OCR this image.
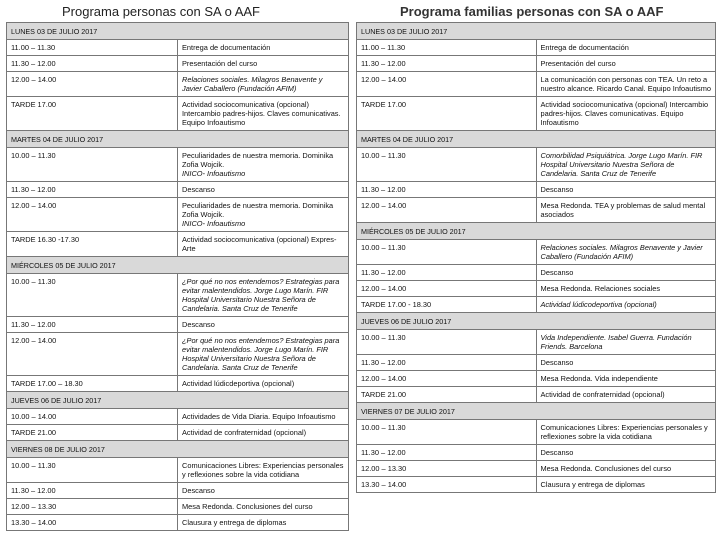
Programa personas con SA o AAF	Programa familias personas con SA o AAF
LUNES 03 DE JULIO 2017	
11.00 – 11.30	Entrega de documentación
11.30 – 12.00	Presentación del curso
12.00 – 14.00	Relaciones sociales. Milagros Benavente y Javier Caballero (Fundación AFIM)
TARDE 17.00	Actividad sociocomunicativa (opcional) Intercambio padres-hijos. Claves comunicativas. Equipo Infoautismo
MARTES 04 DE JULIO 2017	
10.00 – 11.30	Peculiaridades de nuestra memoria. Dominika Zofia Wojcik.
INICO- Infoautismo
11.30 – 12.00	Descanso
12.00 – 14.00	Peculiaridades de nuestra memoria. Dominika Zofia Wojcik.
INICO- Infoautismo
TARDE 16.30 -17.30	Actividad sociocomunicativa (opcional) Expres-Arte
MIÉRCOLES 05 DE JULIO 2017	
10.00 – 11.30	¿Por qué no nos entendemos? Estrategias para evitar malentendidos. Jorge Lugo Marín. FIR Hospital Universitario Nuestra Señora de Candelaria. Santa Cruz de Tenerife
11.30 – 12.00	Descanso
12.00 – 14.00	¿Por qué no nos entendemos? Estrategias para evitar malentendidos. Jorge Lugo Marín. FIR Hospital Universitario Nuestra Señora de Candelaria. Santa Cruz de Tenerife
TARDE 17.00 – 18.30	Actividad lúdicdeportiva (opcional)
JUEVES 06 DE JULIO 2017	
10.00 – 14.00	Actividades de Vida Diaria. Equipo Infoautismo
TARDE 21.00	Actividad de confraternidad (opcional)
VIERNES 08 DE JULIO 2017	
10.00 – 11.30	Comunicaciones Libres: Experiencias personales y reflexiones sobre la vida cotidiana
11.30 – 12.00	Descanso
12.00 – 13.30	Mesa Redonda. Conclusiones del curso
13.30 – 14.00	Clausura y entrega de diplomas
LUNES 03 DE JULIO 2017	
11.00 – 11.30	Entrega de documentación
11.30 – 12.00	Presentación del curso
12.00 – 14.00	La comunicación con personas con TEA. Un reto a nuestro alcance. Ricardo Canal. Equipo Infoautismo
TARDE 17.00	Actividad sociocomunicativa (opcional) Intercambio padres-hijos. Claves comunicativas. Equipo Infoautismo
MARTES 04 DE JULIO 2017	
10.00 – 11.30	Comorbilidad Psiquiátrica. Jorge Lugo Marín. FIR Hospital Universitario Nuestra Señora de Candelaria. Santa Cruz de Tenerife
11.30 – 12.00	Descanso
12.00 – 14.00	Mesa Redonda. TEA y problemas de salud mental asociados
MIÉRCOLES 05 DE JULIO 2017	
10.00 – 11.30	Relaciones sociales. Milagros Benavente y Javier Caballero (Fundación AFIM)
11.30 – 12.00	Descanso
12.00 – 14.00	Mesa Redonda. Relaciones sociales
TARDE 17.00 - 18.30	Actividad lúdicodeportiva (opcional)
JUEVES 06 DE JULIO 2017	
10.00 – 11.30	Vida Independiente. Isabel Guerra. Fundación Friends. Barcelona
11.30 – 12.00	Descanso
12.00 – 14.00	Mesa Redonda. Vida independiente
TARDE 21.00	Actividad de confraternidad (opcional)
VIERNES 07 DE JULIO 2017	
10.00 – 11.30	Comunicaciones Libres: Experiencias personales y reflexiones sobre la vida cotidiana
11.30 – 12.00	Descanso
12.00 – 13.30	Mesa Redonda. Conclusiones del curso
13.30 – 14.00	Clausura y entrega de diplomas
